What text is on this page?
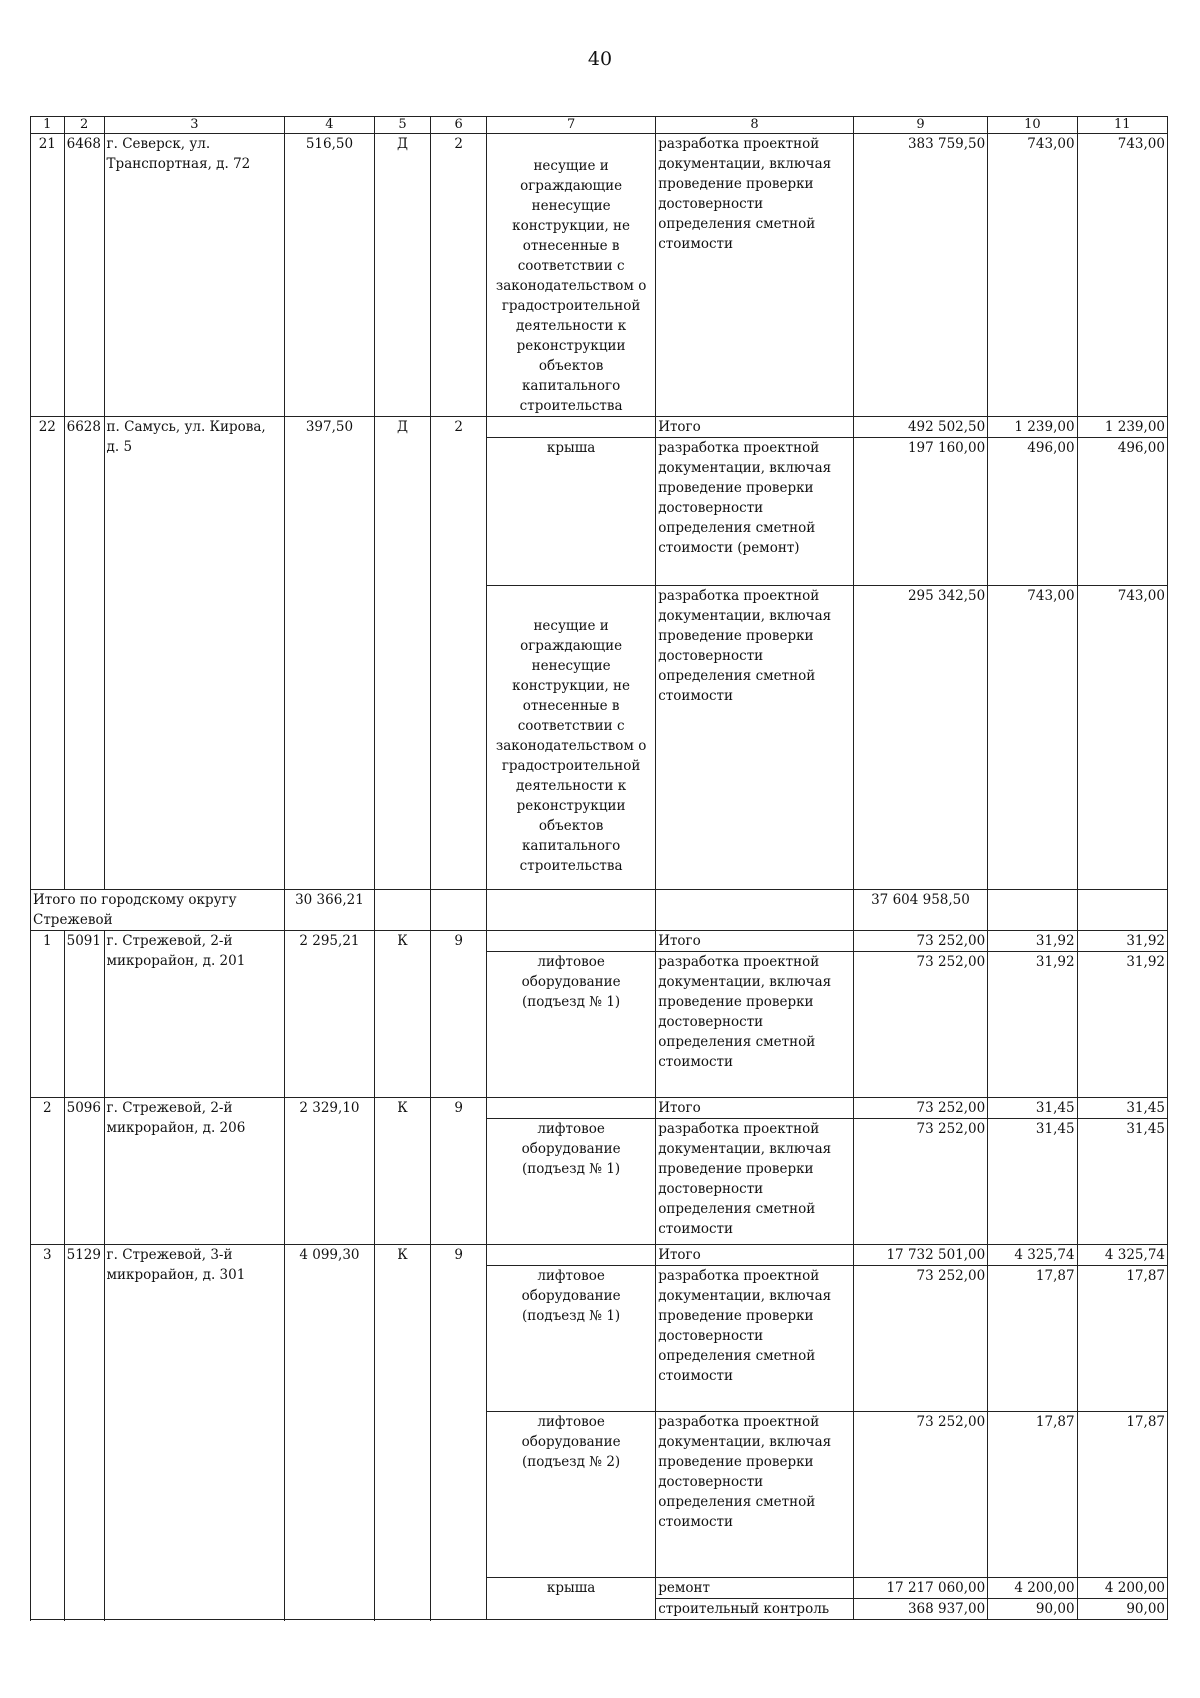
40
1	2	3	4	5	6	7	8	9	10	11
21	6468	г. Северск, ул. Транспортная, д. 72	516,50	Д	2	несущие и ограждающие ненесущие конструкции, не отнесенные в соответствии с законодательством о градостроительной деятельности к реконструкции объектов капитального строительства	разработка проектной документации, включая проведение проверки достоверности определения сметной стоимости	383 759,50	743,00	743,00
22	6628	п. Самусь, ул. Кирова, д. 5	397,50	Д	2		Итого	492 502,50	1 239,00	1 239,00
						крыша	разработка проектной документации, включая проведение проверки достоверности определения сметной стоимости (ремонт)	197 160,00	496,00	496,00
						несущие и ограждающие ненесущие конструкции, не отнесенные в соответствии с законодательством о градостроительной деятельности к реконструкции объектов капитального строительства	разработка проектной документации, включая проведение проверки достоверности определения сметной стоимости	295 342,50	743,00	743,00
Итого по городскому округу Стрежевой			30 366,21					37 604 958,50		
1	5091	г. Стрежевой, 2-й микрорайон, д. 201	2 295,21	К	9		Итого	73 252,00	31,92	31,92
						лифтовое оборудование (подъезд № 1)	разработка проектной документации, включая проведение проверки достоверности определения сметной стоимости	73 252,00	31,92	31,92
2	5096	г. Стрежевой, 2-й микрорайон, д. 206	2 329,10	К	9		Итого	73 252,00	31,45	31,45
						лифтовое оборудование (подъезд № 1)	разработка проектной документации, включая проведение проверки достоверности определения сметной стоимости	73 252,00	31,45	31,45
3	5129	г. Стрежевой, 3-й микрорайон, д. 301	4 099,30	К	9		Итого	17 732 501,00	4 325,74	4 325,74
						лифтовое оборудование (подъезд № 1)	разработка проектной документации, включая проведение проверки достоверности определения сметной стоимости	73 252,00	17,87	17,87
						лифтовое оборудование (подъезд № 2)	разработка проектной документации, включая проведение проверки достоверности определения сметной стоимости	73 252,00	17,87	17,87
						крыша	ремонт	17 217 060,00	4 200,00	4 200,00
							строительный контроль	368 937,00	90,00	90,00
